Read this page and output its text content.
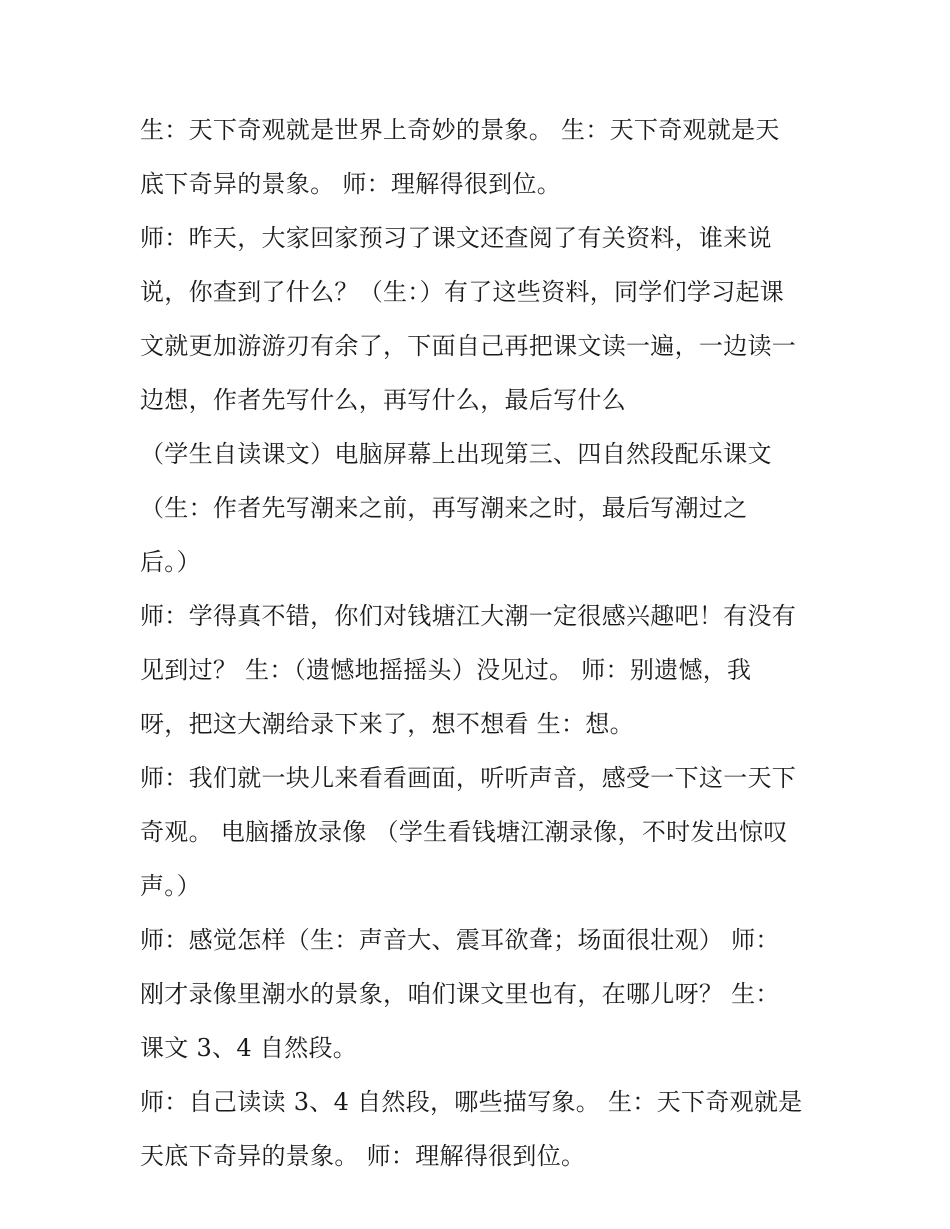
生：天下奇观就是世界上奇妙的景象。 生：天下奇观就是天
底下奇异的景象。 师：理解得很到位。
师：昨天，大家回家预习了课文还查阅了有关资料，谁来说
说，你查到了什么？（生：）有了这些资料，同学们学习起课
文就更加游游刃有余了，下面自己再把课文读一遍，一边读一
边想，作者先写什么，再写什么，最后写什么
（学生自读课文）电脑屏幕上出现第三、四自然段配乐课文
（生：作者先写潮来之前，再写潮来之时，最后写潮过之
后。）
师：学得真不错，你们对钱塘江大潮一定很感兴趣吧！有没有
见到过？ 生：（遗憾地摇摇头）没见过。 师：别遗憾，我
呀，把这大潮给录下来了，想不想看 生：想。
师：我们就一块儿来看看画面，听听声音，感受一下这一天下
奇观。 电脑播放录像 （学生看钱塘江潮录像，不时发出惊叹
声。）
师：感觉怎样（生：声音大、震耳欲聋；场面很壮观） 师：
刚才录像里潮水的景象，咱们课文里也有，在哪儿呀？ 生：
课文 3、4 自然段。
师：自己读读 3、4 自然段，哪些描写象。 生：天下奇观就是
天底下奇异的景象。 师：理解得很到位。
